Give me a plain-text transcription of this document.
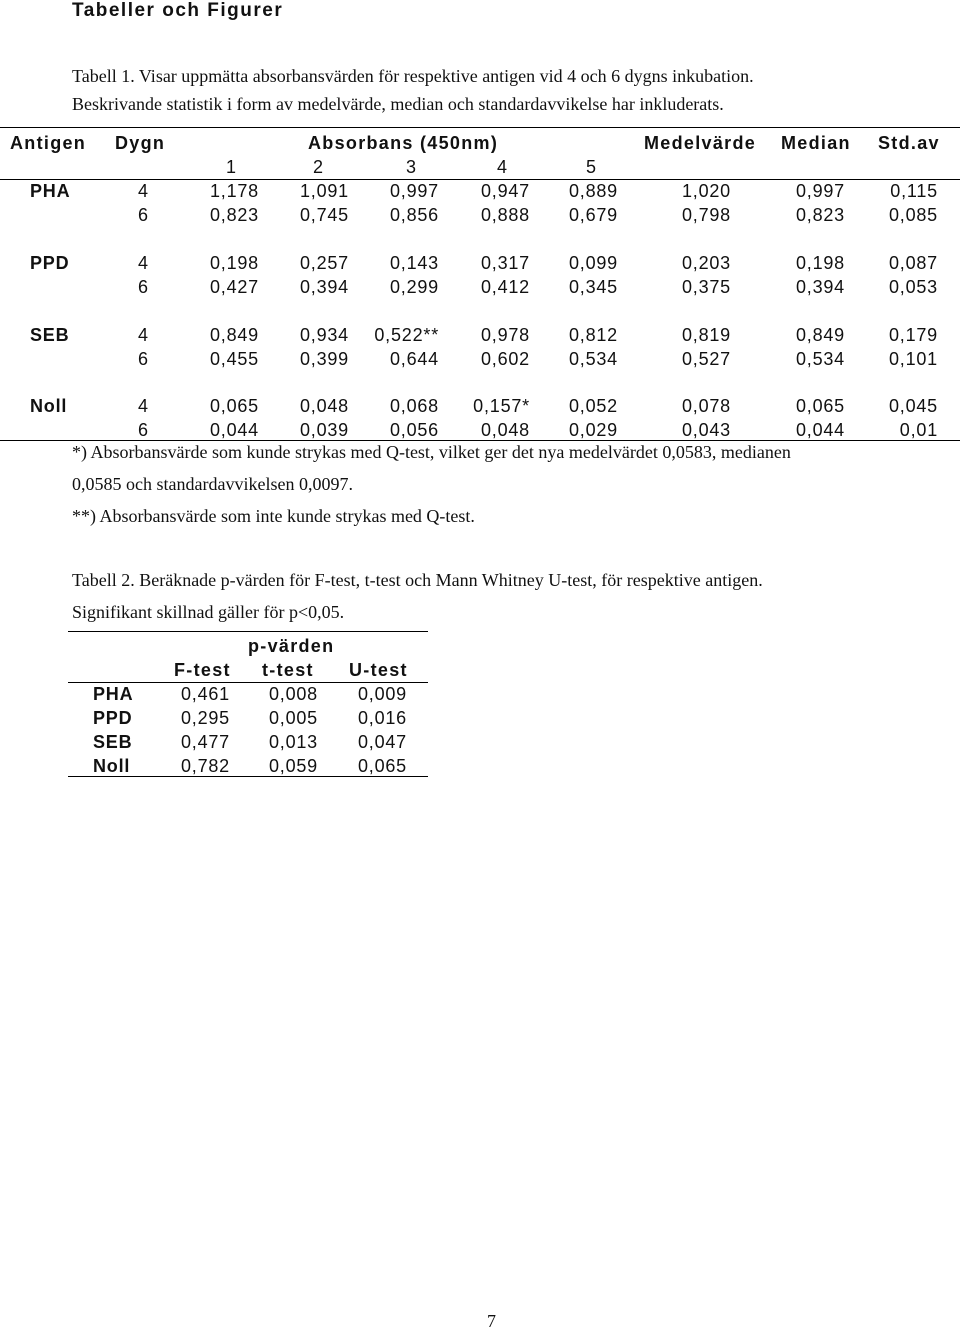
Tabeller och Figurer
Tabell 1. Visar uppmätta absorbansvärden för respektive antigen vid 4 och 6 dygns inkubation.
Beskrivande statistik i form av medelvärde, median och standardavvikelse har inkluderats.
Antigen Dygn	Absorbans (450nm)	Medelvärde Median Std.av
1	2	3	4	5
PHA	4	1,178 1,091 0,997 0,947 0,889	1,020	0,997	0,115
6	0,823 0,745 0,856 0,888 0,679	0,798	0,823 0,085
PPD	4	0,198 0,257 0,143 0,317 0,099	0,203	0,198 0,087
6	0,427 0,394 0,299 0,412 0,345	0,375	0,394 0,053
SEB	4	0,849 0,934 0,522** 0,978 0,812	0,819	0,849 0,179
6	0,455 0,399 0,644 0,602 0,534	0,527	0,534 0,101
Noll	4	0,065 0,048 0,068 0,157* 0,052	0,078	0,065 0,045
6	0,044 0,039 0,056 0,048 0,029	0,043	0,044	0,01
*) Absorbansvärde som kunde strykas med Q-test, vilket ger det nya medelvärdet 0,0583, medianen
0,0585 och standardavvikelsen 0,0097.
**) Absorbansvärde som inte kunde strykas med Q-test.
Tabell 2. Beräknade p-värden för F-test, t-test och Mann Whitney U-test, för respektive antigen.
Signifikant skillnad gäller för p<0,05.
p-värden
F-test t-test U-test
PHA	0,461 0,008 0,009
PPD	0,295 0,005 0,016
SEB	0,477 0,013 0,047
Noll	0,782 0,059 0,065
7
